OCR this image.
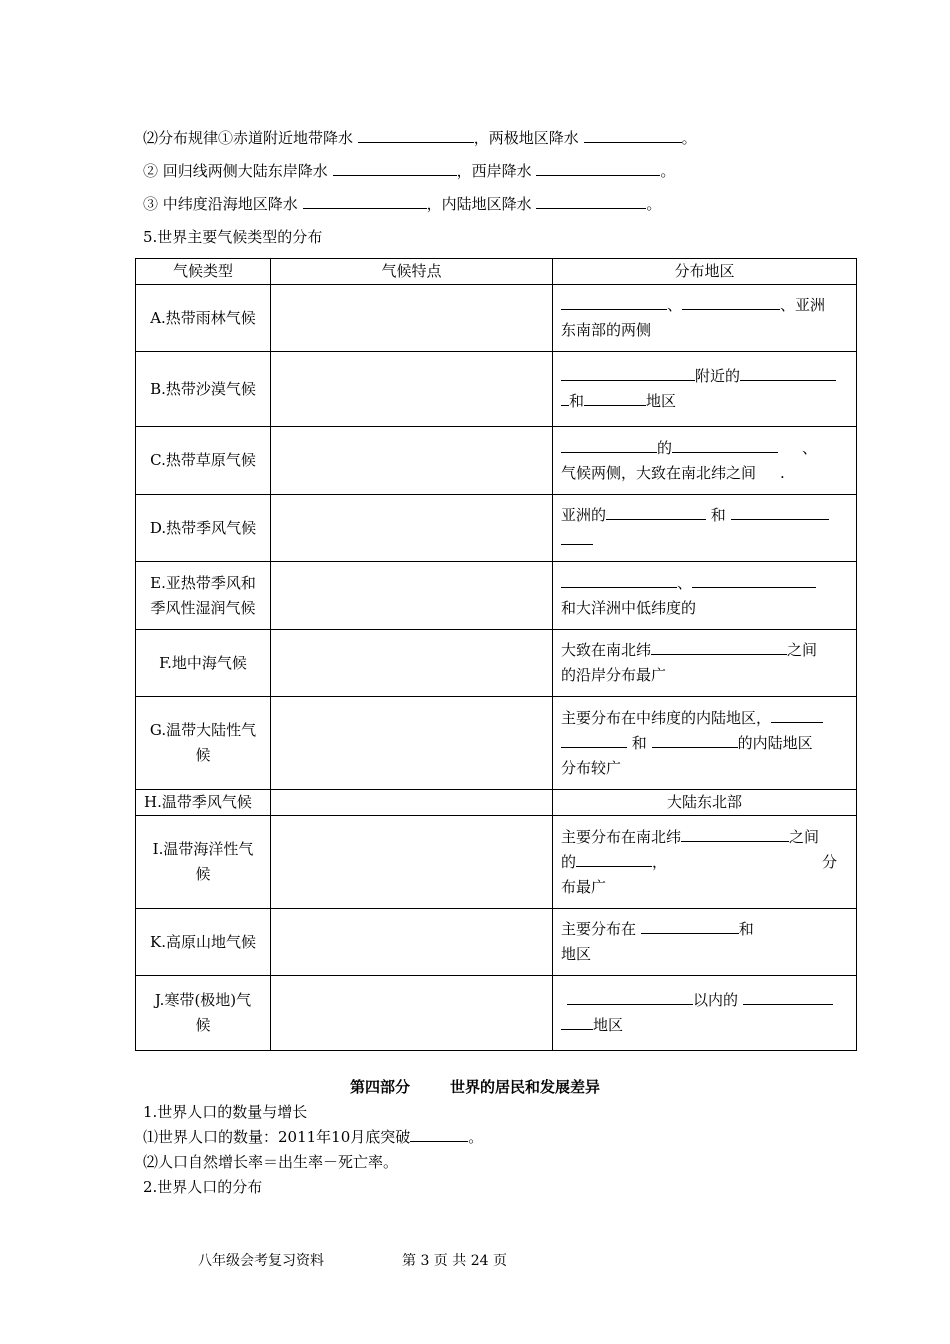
⑵分布规律①赤道附近地带降水	，两极地区降水	。
② 回归线两侧大陆东岸降水	，西岸降水	。
③ 中纬度沿海地区降水	，内陆地区降水	。
5.世界主要气候类型的分布
气候类型	气候特点	分布地区
A.热带雨林气候		、 、亚洲
东南部的两侧
B.热带沙漠气候		附近的
和 地区
C.热带草原气候		的 、
气候两侧，大致在南北纬之间 .
D.热带季风气候		亚洲的 和

E.亚热带季风和
季风性湿润气候		、
和大洋洲中低纬度的
F.地中海气候		大致在南北纬 之间
的沿岸分布最广
G.温带大陆性气
候		主要分布在中纬度的内陆地区，
和 的内陆地区
分布较广
H.温带季风气候		大陆东北部
I.温带海洋性气
候		主要分布在南北纬 之间

的 ， 分
布最广
K.高原山地气候		主要分布在 和
地区
J.寒带(极地)气
候		以内的
地区
第四部分	世界的居民和发展差异
1.世界人口的数量与增长
⑴世界人口的数量：2011年10月底突破	。
⑵人口自然增长率＝出生率－死亡率。
2.世界人口的分布
八年级会考复习资料	第 3 页 共 24 页
